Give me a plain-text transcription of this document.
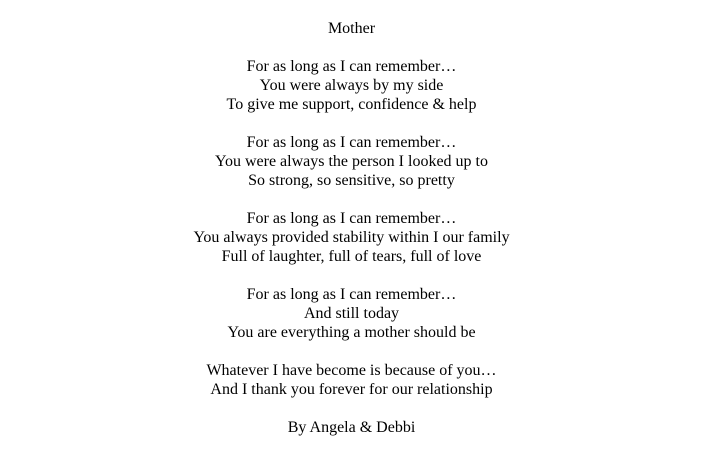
Mother
For as long as I can remember…
You were always by my side
To give me support, confidence & help
For as long as I can remember…
You were always the person I looked up to
So strong, so sensitive, so pretty
For as long as I can remember…
You always provided stability within I our family
Full of laughter, full of tears, full of love
For as long as I can remember…
And still today
You are everything a mother should be
Whatever I have become is because of you…
And I thank you forever for our relationship
By Angela & Debbi
